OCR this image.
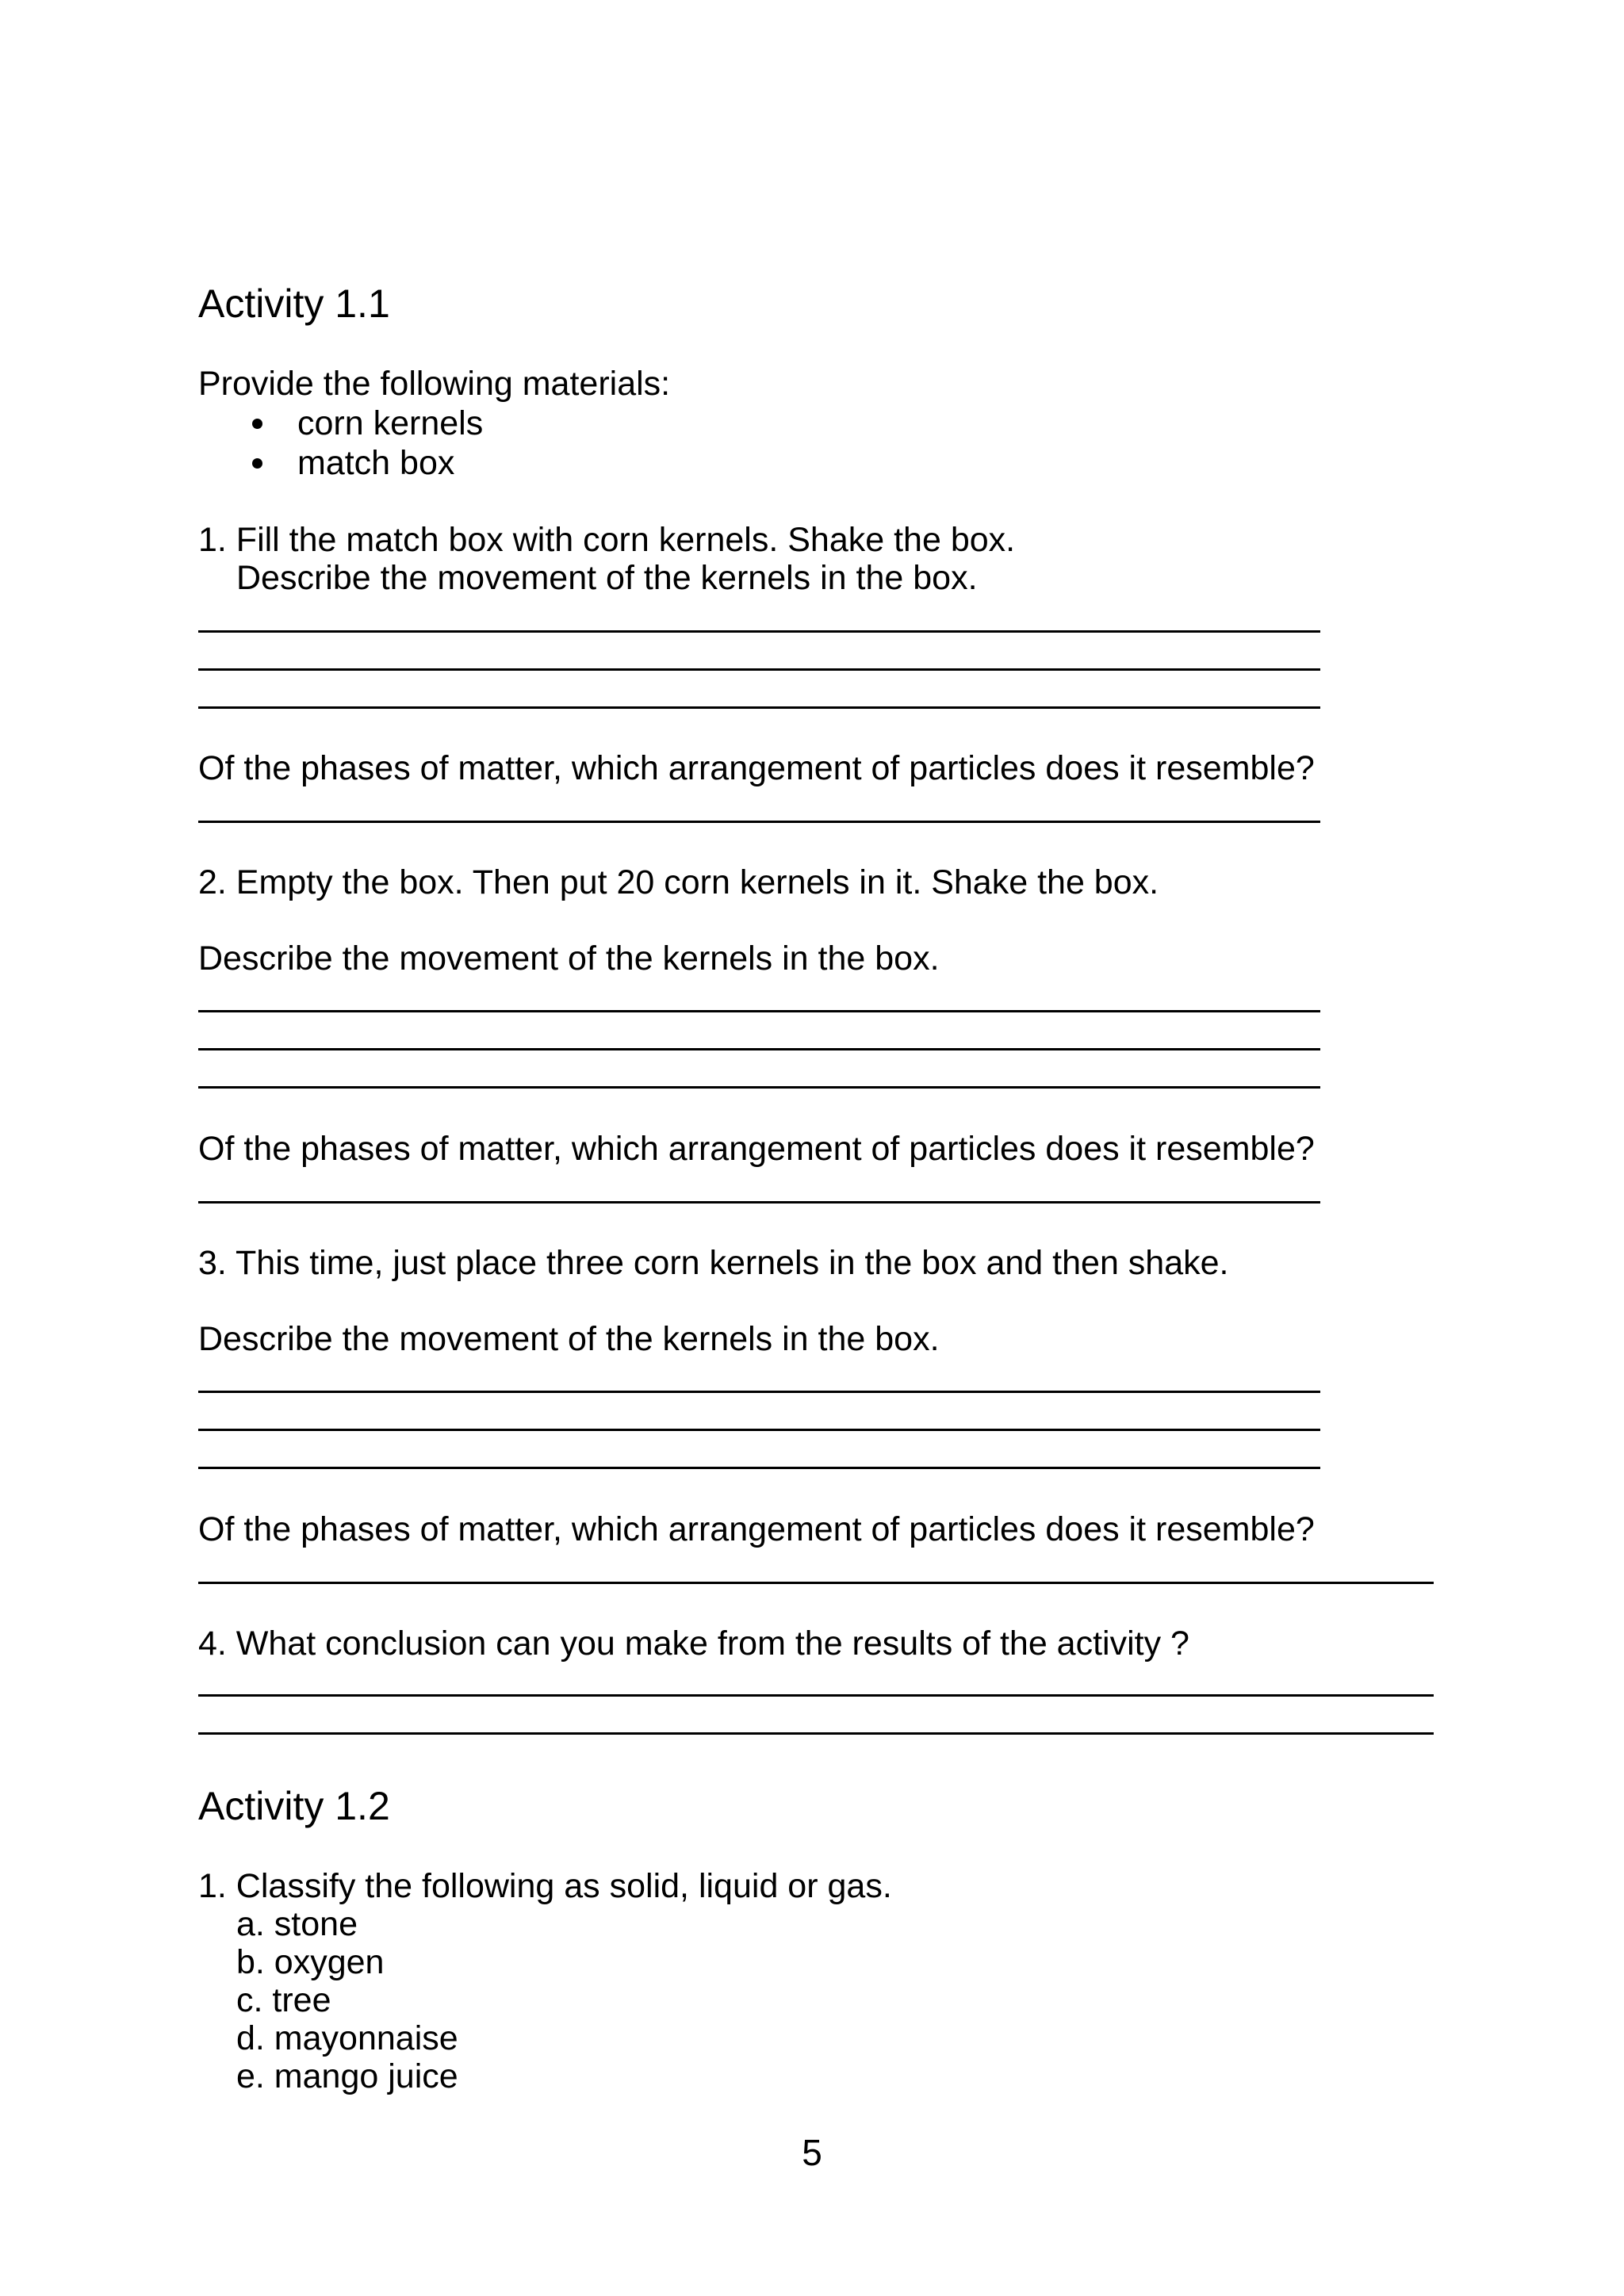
Activity 1.1

Provide the following materials:

corn kernels

match box

1. Fill the match box with corn kernels. Shake the box.

Describe the movement of the kernels in the box.

Of the phases of matter, which arrangement of particles does it resemble?

2. Empty the box. Then put 20 corn kernels in it. Shake the box.

Describe the movement of the kernels in the box.

Of the phases of matter, which arrangement of particles does it resemble?

3. This time, just place three corn kernels in the box and then shake.

Describe the movement of the kernels in the box.

Of the phases of matter, which arrangement of particles does it resemble?

4. What conclusion can you make from the results of the activity ?

Activity 1.2

1. Classify the following as solid, liquid or gas.

a. stone

b. oxygen

c. tree

d. mayonnaise

e. mango juice

5
